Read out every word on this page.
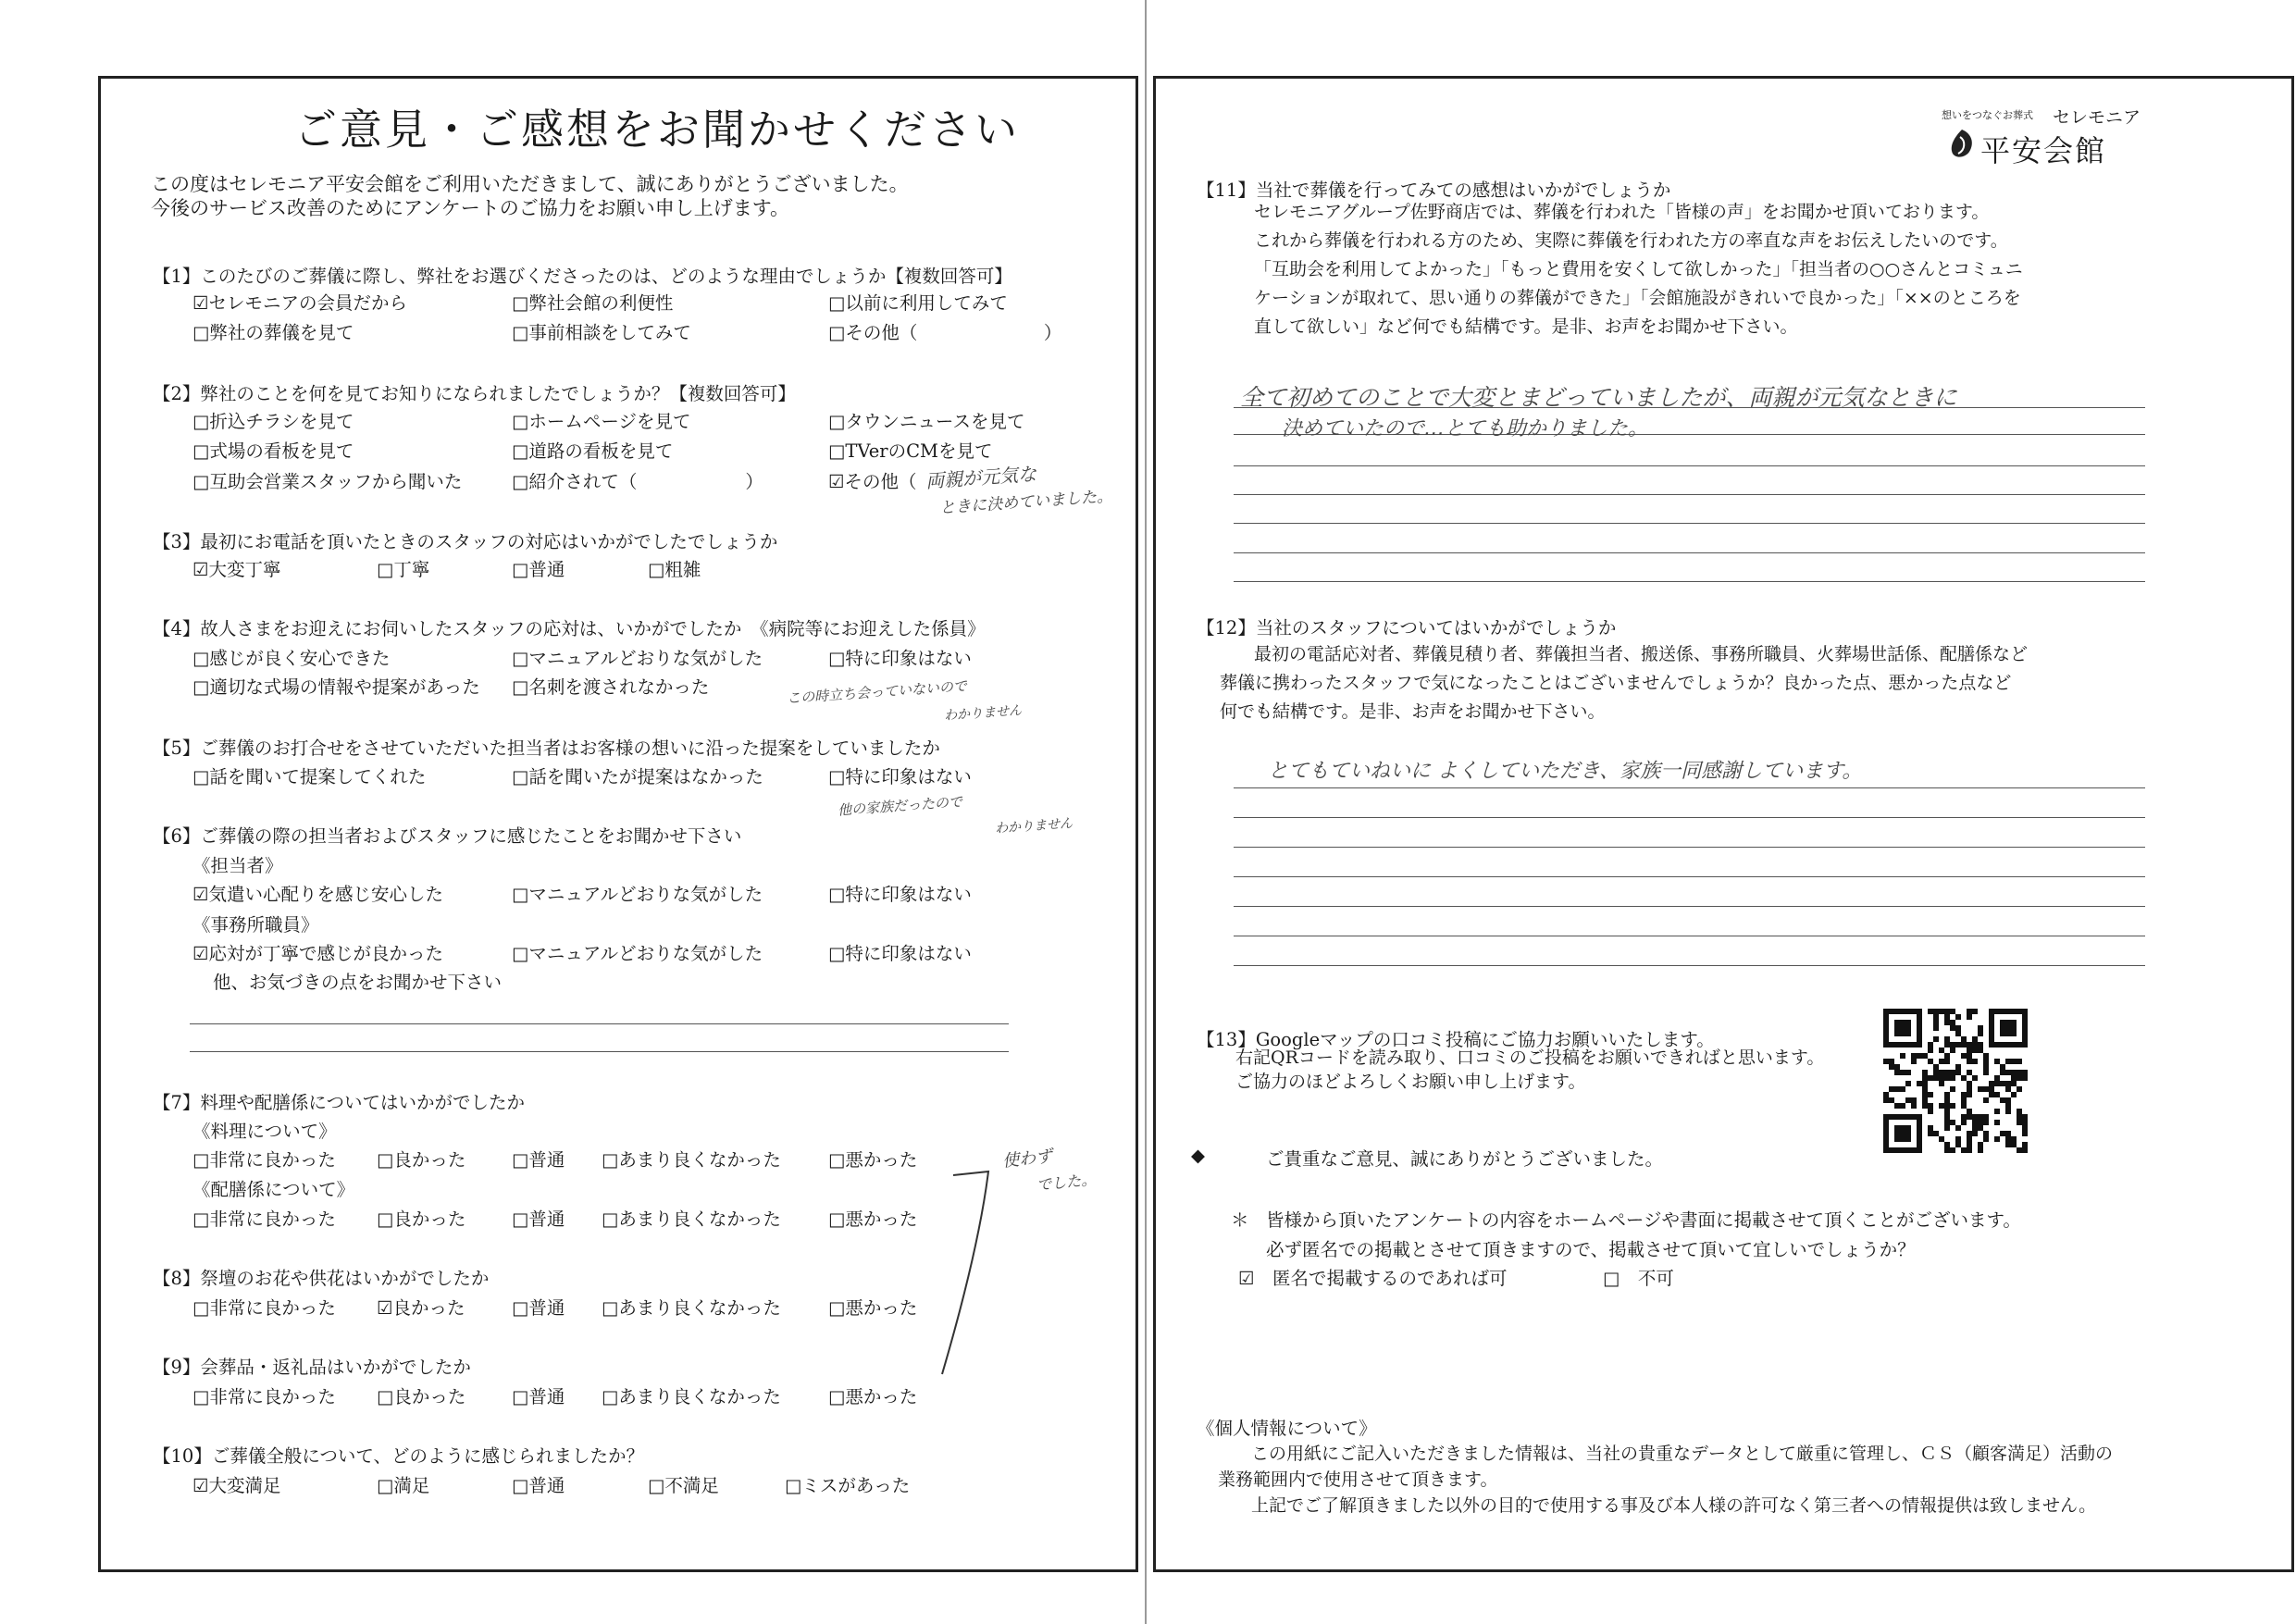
ご意見・ご感想をお聞かせください
この度はセレモニア平安会館をご利用いただきまして、誠にありがとうございました。
今後のサービス改善のためにアンケートのご協力をお願い申し上げます。
【1】このたびのご葬儀に際し、弊社をお選びくださったのは、どのような理由でしょうか【複数回答可】
☑セレモニアの会員だから	□弊社会館の利便性	□以前に利用してみて
□弊社の葬儀を見て	□事前相談をしてみて	□その他（　　　　　　　）
【2】弊社のことを何を見てお知りになられましたでしょうか？【複数回答可】
□折込チラシを見て	□ホームページを見て	□タウンニュースを見て
□式場の看板を見て	□道路の看板を見て	□TVerのCMを見て
□互助会営業スタッフから聞いた	□紹介されて（　　　　　　）	☑その他（ 両親が元気な
ときに決めていました。
【3】最初にお電話を頂いたときのスタッフの対応はいかがでしたでしょうか
☑大変丁寧	□丁寧	□普通	□粗雑
【4】故人さまをお迎えにお伺いしたスタッフの応対は、いかがでしたか　《病院等にお迎えした係員》
□感じが良く安心できた	□マニュアルどおりな気がした	□特に印象はない
□適切な式場の情報や提案があった □名刺を渡されなかった	この時立ち会っていないので
わかりません
【5】ご葬儀のお打合せをさせていただいた担当者はお客様の想いに沿った提案をしていましたか
□話を聞いて提案してくれた	□話を聞いたが提案はなかった	□特に印象はない
他の家族だったので
わかりません
【6】ご葬儀の際の担当者およびスタッフに感じたことをお聞かせ下さい
《担当者》
☑気遣い心配りを感じ安心した	□マニュアルどおりな気がした	□特に印象はない
《事務所職員》
☑応対が丁寧で感じが良かった	□マニュアルどおりな気がした	□特に印象はない
他、お気づきの点をお聞かせ下さい
【7】料理や配膳係についてはいかがでしたか
《料理について》
□非常に良かった □良かった	□普通 □あまり良くなかった	□悪かった
《配膳係について》
□非常に良かった □良かった	□普通 □あまり良くなかった	□悪かった
使わず
でした。
【8】祭壇のお花や供花はいかがでしたか
□非常に良かった ☑良かった	□普通 □あまり良くなかった	□悪かった
【9】会葬品・返礼品はいかがでしたか
□非常に良かった □良かった	□普通 □あまり良くなかった	□悪かった
【10】ご葬儀全般について、どのように感じられましたか？
☑大変満足	□満足	□普通	□不満足	□ミスがあった
想いをつなぐお葬式 セレモニア
平安会館
【11】当社で葬儀を行ってみての感想はいかがでしょうか
セレモニアグループ佐野商店では、葬儀を行われた「皆様の声」をお聞かせ頂いております。
これから葬儀を行われる方のため、実際に葬儀を行われた方の率直な声をお伝えしたいのです。
「互助会を利用してよかった」「もっと費用を安くして欲しかった」「担当者の○○さんとコミュニ
ケーションが取れて、思い通りの葬儀ができた」「会館施設がきれいで良かった」「××のところを
直して欲しい」など何でも結構です。是非、お声をお聞かせ下さい。
全て初めてのことで大変とまどっていましたが、両親が元気なときに
決めていたので…とても助かりました。
【12】当社のスタッフについてはいかがでしょうか
最初の電話応対者、葬儀見積り者、葬儀担当者、搬送係、事務所職員、火葬場世話係、配膳係など
葬儀に携わったスタッフで気になったことはございませんでしょうか？良かった点、悪かった点など
何でも結構です。是非、お声をお聞かせ下さい。
とてもていねいに よくしていただき、家族一同感謝しています。
【13】Googleマップの口コミ投稿にご協力お願いいたします。
右記QRコードを読み取り、口コミのご投稿をお願いできればと思います。
ご協力のほどよろしくお願い申し上げます。
◆	ご貴重なご意見、誠にありがとうございました。
＊ 皆様から頂いたアンケートの内容をホームページや書面に掲載させて頂くことがございます。
必ず匿名での掲載とさせて頂きますので、掲載させて頂いて宜しいでしょうか？
☑　匿名で掲載するのであれば可	□　不可
《個人情報について》
この用紙にご記入いただきました情報は、当社の貴重なデータとして厳重に管理し、ＣＳ（顧客満足）活動の
業務範囲内で使用させて頂きます。
上記でご了解頂きました以外の目的で使用する事及び本人様の許可なく第三者への情報提供は致しません。
